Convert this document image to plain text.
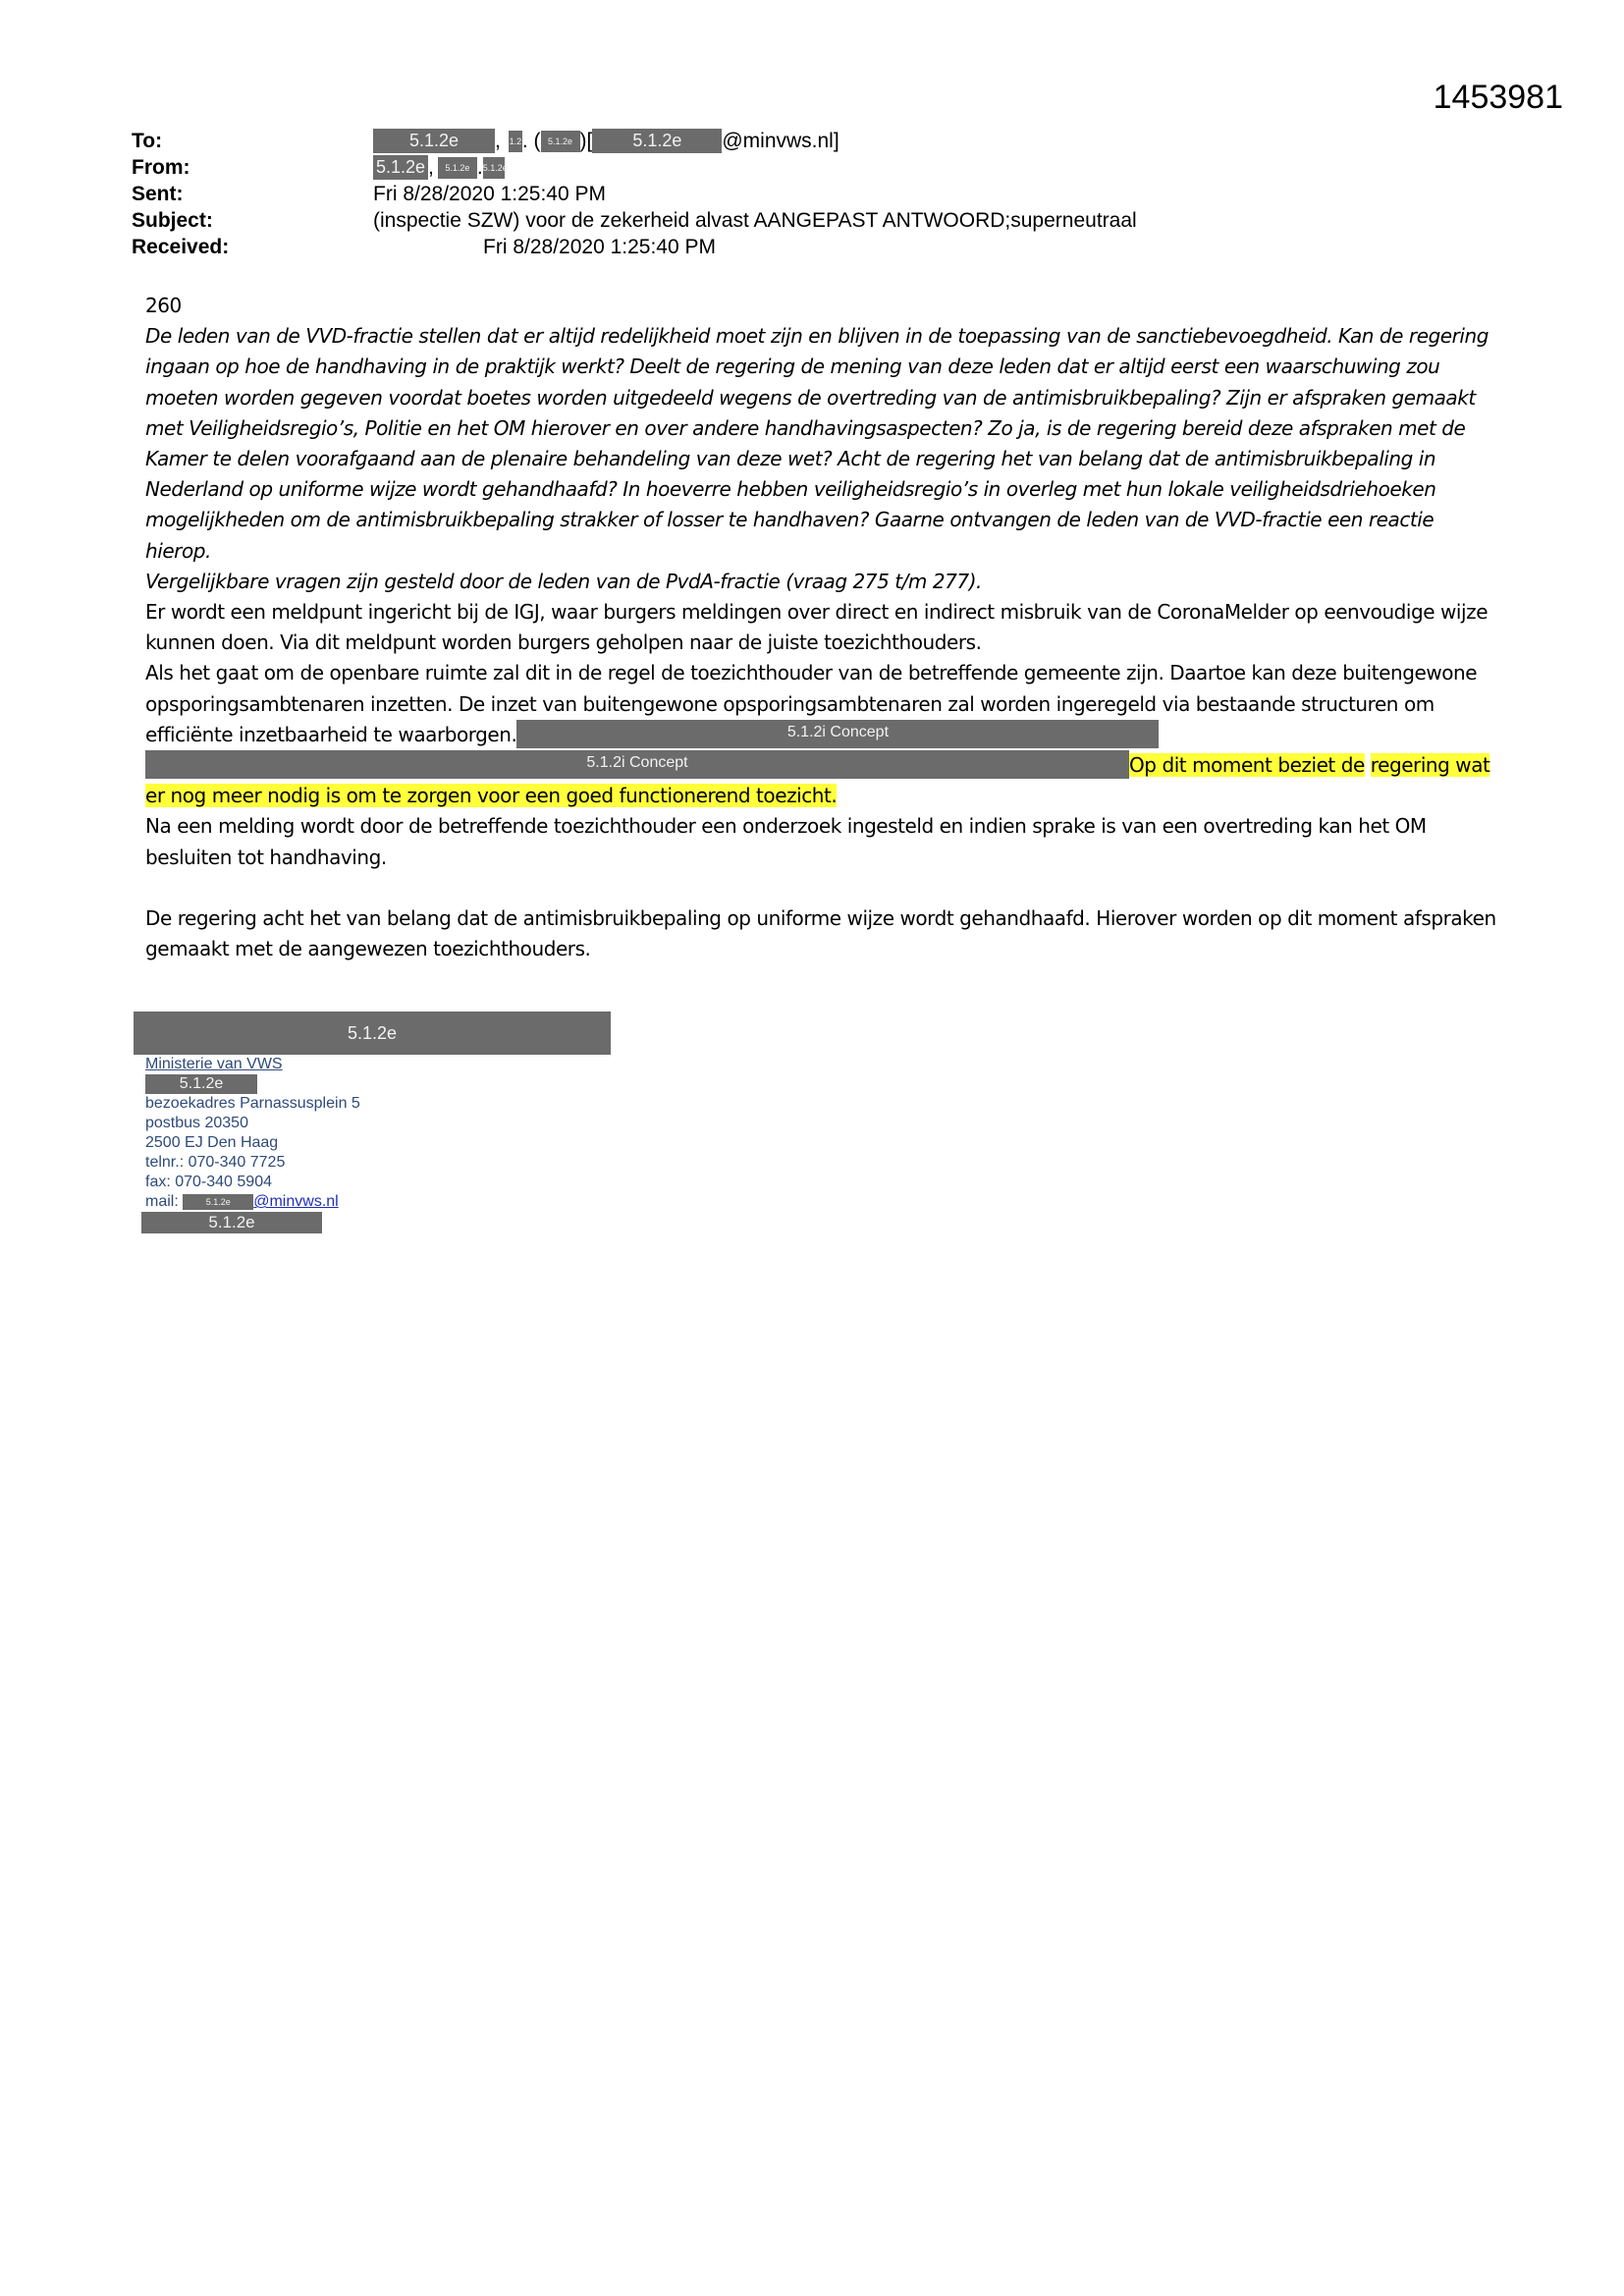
1453981
To:	5.1.2e	, 1.2 . ( 5.1.2e )[	5.1.2e	@minvws.nl]
From:	5.1.2e ,	5.1.2e . 5.1.2e
Sent:	Fri 8/28/2020 1:25:40 PM
Subject:	(inspectie SZW) voor de zekerheid alvast AANGEPAST ANTWOORD;superneutraal
Received:	Fri 8/28/2020 1:25:40 PM

260

De leden van de VVD-fractie stellen dat er altijd redelijkheid moet zijn en blijven in de toepassing van de sanctiebevoegdheid. Kan de regering ingaan op hoe de handhaving in de praktijk werkt? Deelt de regering de mening van deze leden dat er altijd eerst een waarschuwing zou moeten worden gegeven voordat boetes worden uitgedeeld wegens de overtreding van de antimisbruikbepaling? Zijn er afspraken gemaakt met Veiligheidsregio’s, Politie en het OM hierover en over andere handhavingsaspecten? Zo ja, is de regering bereid deze afspraken met de Kamer te delen voorafgaand aan de plenaire behandeling van deze wet? Acht de regering het van belang dat de antimisbruikbepaling in Nederland op uniforme wijze wordt gehandhaafd? In hoeverre hebben veiligheidsregio’s in overleg met hun lokale veiligheidsdriehoeken mogelijkheden om de antimisbruikbepaling strakker of losser te handhaven? Gaarne ontvangen de leden van de VVD-fractie een reactie hierop.

Vergelijkbare vragen zijn gesteld door de leden van de PvdA-fractie (vraag 275 t/m 277).

Er wordt een meldpunt ingericht bij de IGJ, waar burgers meldingen over direct en indirect misbruik van de CoronaMelder op eenvoudige wijze kunnen doen. Via dit meldpunt worden burgers geholpen naar de juiste toezichthouders.

Als het gaat om de openbare ruimte zal dit in de regel de toezichthouder van de betreffende gemeente zijn. Daartoe kan deze buitengewone opsporingsambtenaren inzetten. De inzet van buitengewone opsporingsambtenaren zal worden ingeregeld via bestaande structuren om efficiënte inzetbaarheid te waarborgen.	5.1.2i Concept5.1.2i Concept	Op dit moment beziet de regering wat er nog meer nodig is om te zorgen voor een goed functionerend toezicht.

Na een melding wordt door de betreffende toezichthouder een onderzoek ingesteld en indien sprake is van een overtreding kan het OM besluiten tot handhaving.

De regering acht het van belang dat de antimisbruikbepaling op uniforme wijze wordt gehandhaafd. Hierover worden op dit moment afspraken gemaakt met de aangewezen toezichthouders.

5.1.2e
Ministerie van VWS
5.1.2e
bezoekadres Parnassusplein 5
postbus 20350
2500 EJ Den Haag
telnr.: 070-340 7725
fax: 070-340 5904
mail:	5.1.2e @minvws.nl
5.1.2e
